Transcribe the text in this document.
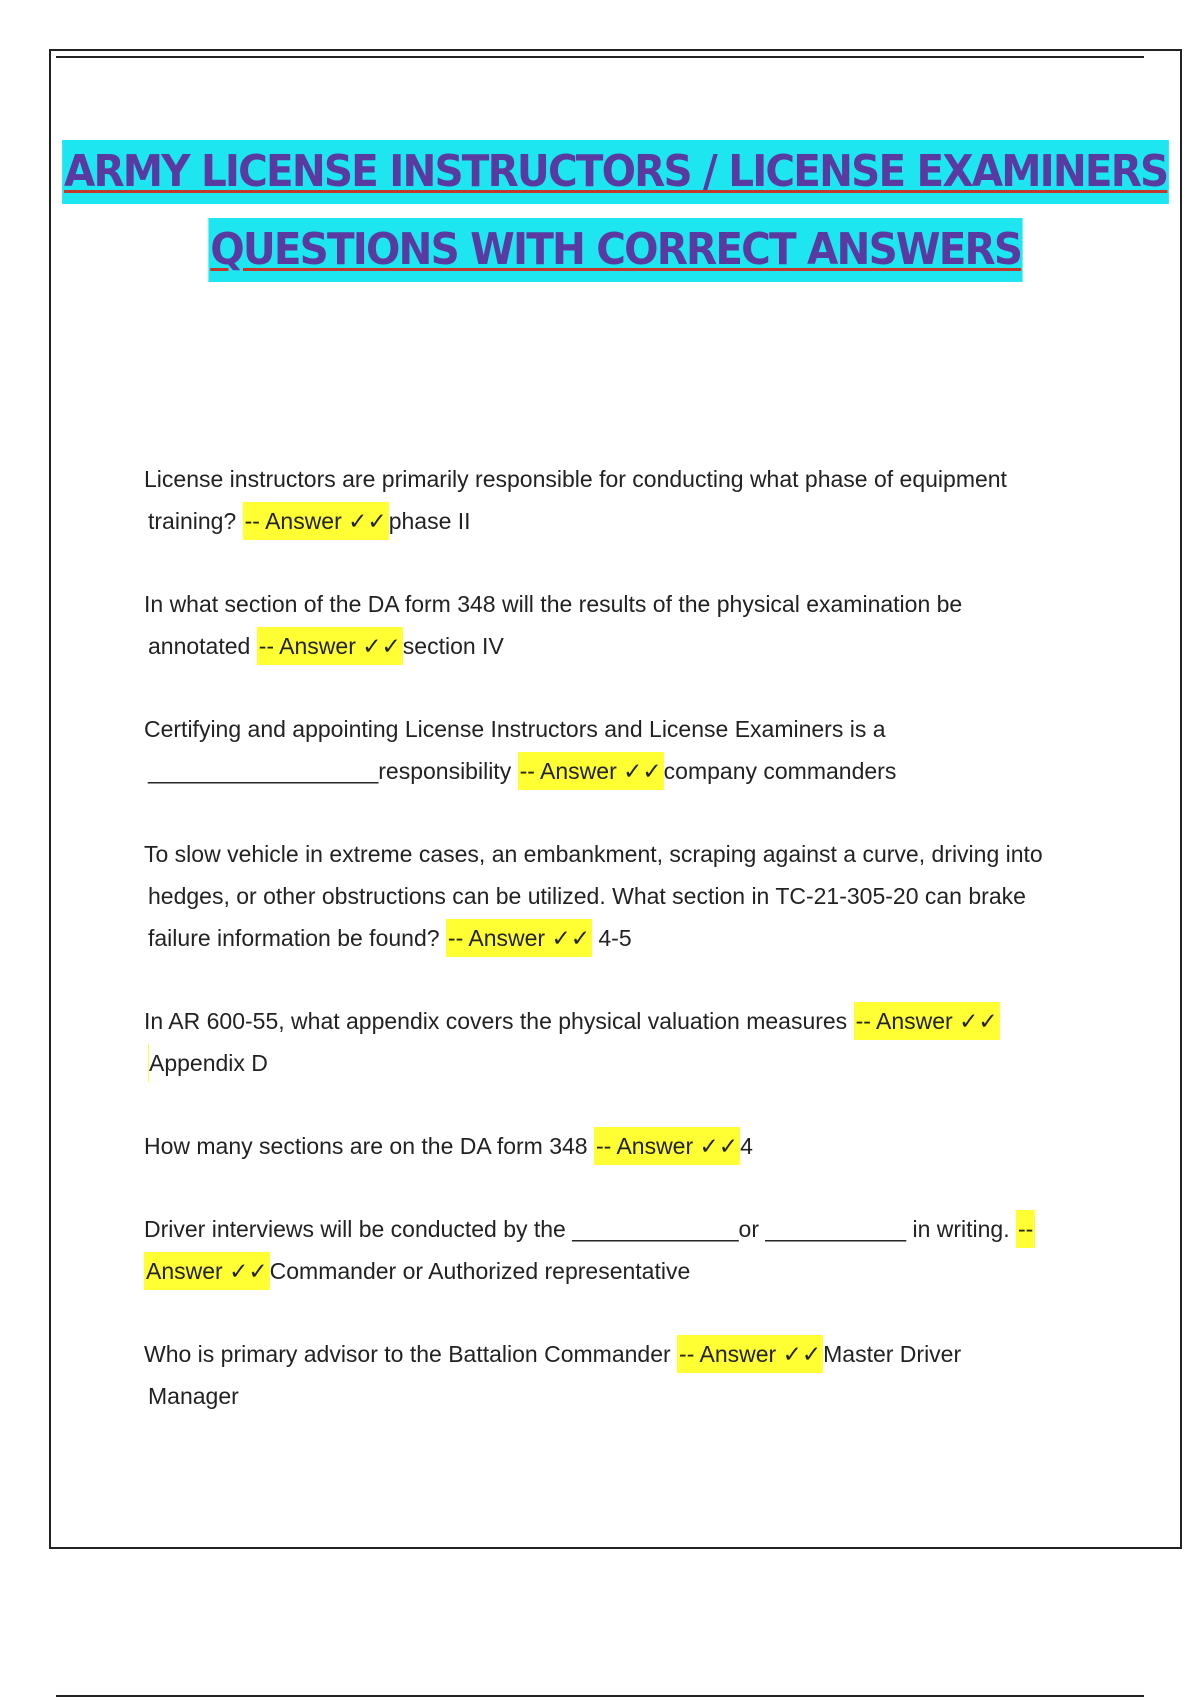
ARMY LICENSE INSTRUCTORS / LICENSE EXAMINERS
QUESTIONS WITH CORRECT ANSWERS
License instructors are primarily responsible for conducting what phase of equipment
training? -- Answer ✓✓phase II
In what section of the DA form 348 will the results of the physical examination be
annotated -- Answer ✓✓section IV
Certifying and appointing License Instructors and License Examiners is a
__________________responsibility -- Answer ✓✓company commanders
To slow vehicle in extreme cases, an embankment, scraping against a curve, driving into
hedges, or other obstructions can be utilized. What section in TC-21-305-20 can brake
failure information be found? -- Answer ✓✓ 4-5
In AR 600-55, what appendix covers the physical valuation measures -- Answer ✓✓
Appendix D
How many sections are on the DA form 348 -- Answer ✓✓4
Driver interviews will be conducted by the _____________or ___________ in writing. --
Answer ✓✓Commander or Authorized representative
Who is primary advisor to the Battalion Commander -- Answer ✓✓Master Driver
Manager
